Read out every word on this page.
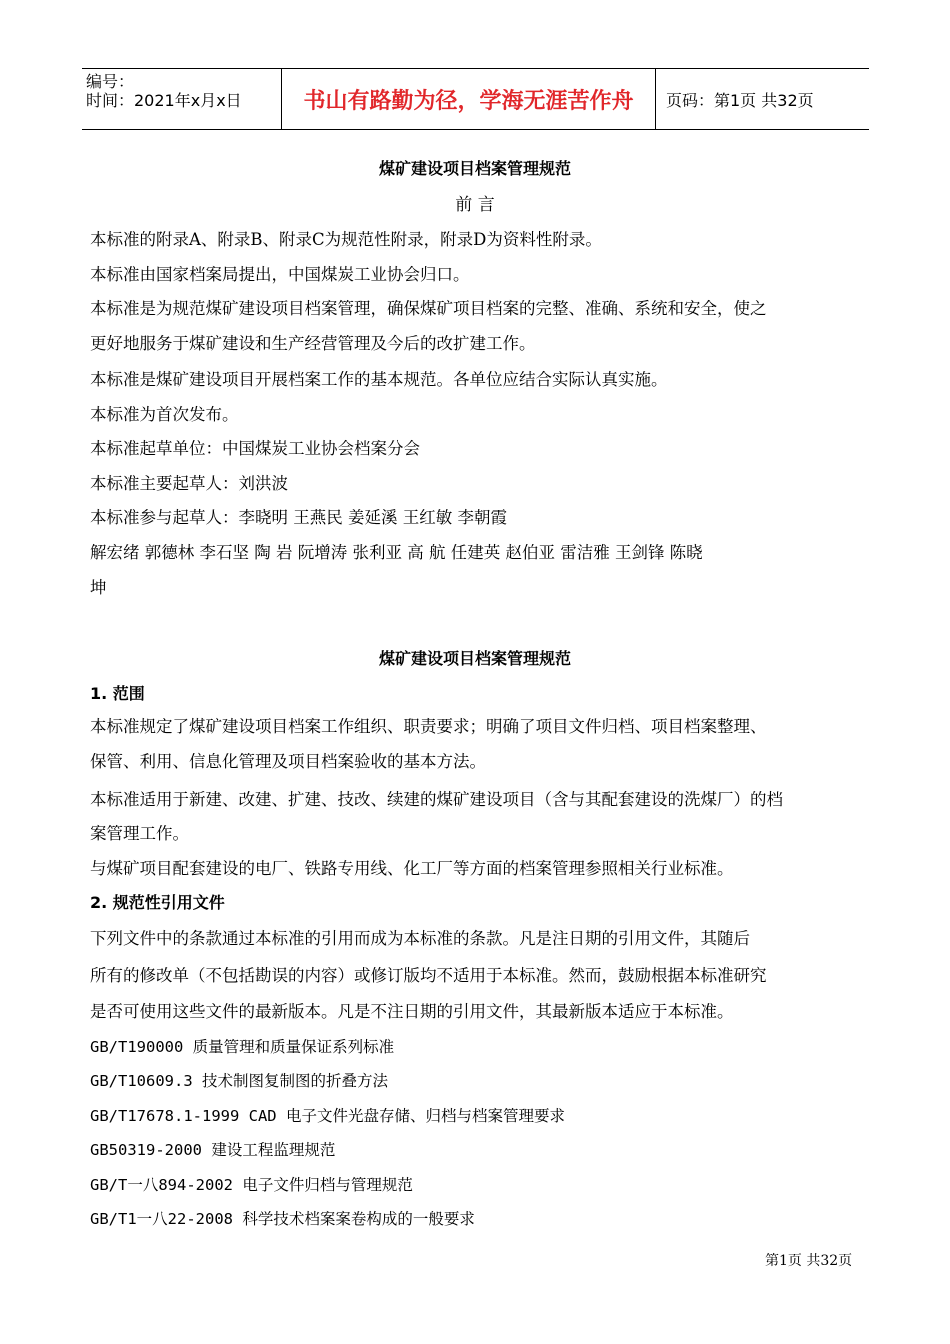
编号：
时间：2021年x月x日	书山有路勤为径，学海无涯苦作舟	页码：第1页 共32页
煤矿建设项目档案管理规范
前 言
本标准的附录A、附录B、附录C为规范性附录，附录D为资料性附录。
本标准由国家档案局提出，中国煤炭工业协会归口。
本标准是为规范煤矿建设项目档案管理，确保煤矿项目档案的完整、准确、系统和安全，使之
更好地服务于煤矿建设和生产经营管理及今后的改扩建工作。
本标准是煤矿建设项目开展档案工作的基本规范。各单位应结合实际认真实施。
本标准为首次发布。
本标准起草单位：中国煤炭工业协会档案分会
本标准主要起草人：刘洪波
本标准参与起草人：李晓明 王燕民 姜延溪 王红敏 李朝霞
解宏绪 郭德林 李石坚 陶 岩 阮增涛 张利亚 高 航 任建英 赵伯亚 雷洁雅 王剑锋 陈晓
坤
煤矿建设项目档案管理规范
1. 范围
本标准规定了煤矿建设项目档案工作组织、职责要求；明确了项目文件归档、项目档案整理、
保管、利用、信息化管理及项目档案验收的基本方法。
本标准适用于新建、改建、扩建、技改、续建的煤矿建设项目（含与其配套建设的洗煤厂）的档
案管理工作。
与煤矿项目配套建设的电厂、铁路专用线、化工厂等方面的档案管理参照相关行业标准。
2. 规范性引用文件
下列文件中的条款通过本标准的引用而成为本标准的条款。凡是注日期的引用文件，其随后
所有的修改单（不包括勘误的内容）或修订版均不适用于本标准。然而，鼓励根据本标准研究
是否可使用这些文件的最新版本。凡是不注日期的引用文件，其最新版本适应于本标准。
GB/T190000 质量管理和质量保证系列标准
GB/T10609.3 技术制图复制图的折叠方法
GB/T17678.1-1999 CAD 电子文件光盘存储、归档与档案管理要求
GB50319-2000 建设工程监理规范
GB/T一八894-2002 电子文件归档与管理规范
GB/T1一八22-2008 科学技术档案案卷构成的一般要求
第1页 共32页
